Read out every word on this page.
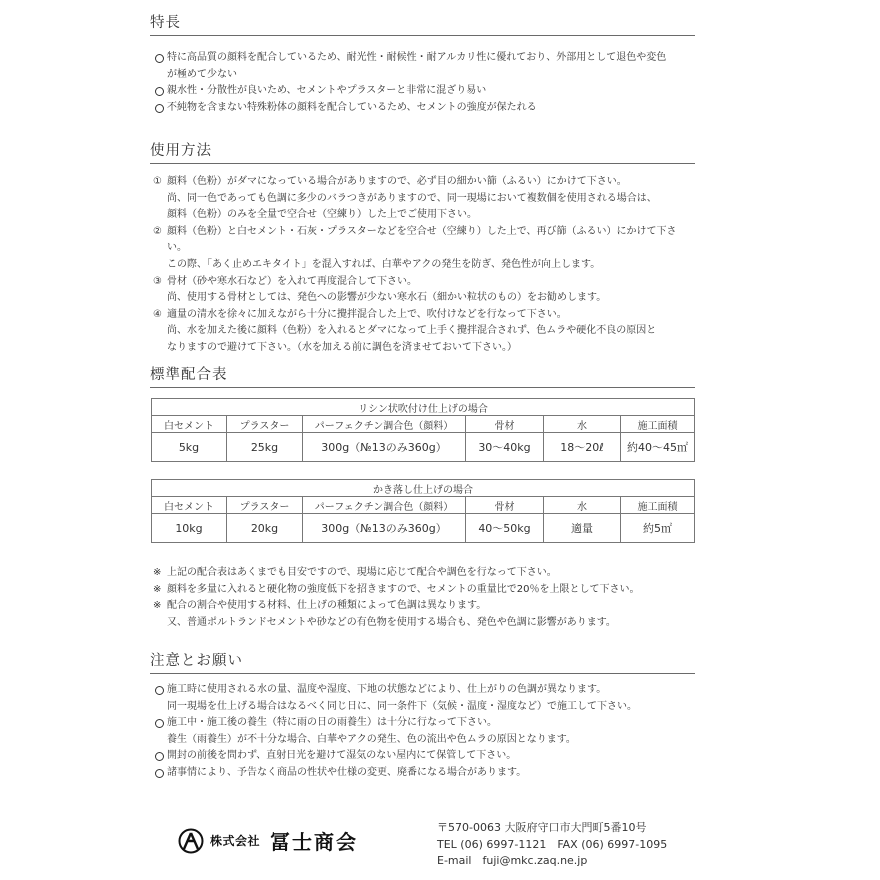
特長
特に高品質の顔料を配合しているため、耐光性・耐候性・耐アルカリ性に優れており、外部用として退色や変色
が極めて少ない
親水性・分散性が良いため、セメントやプラスターと非常に混ざり易い
不純物を含まない特殊粉体の顔料を配合しているため、セメントの強度が保たれる
使用方法
① 顔料（色粉）がダマになっている場合がありますので、必ず目の細かい篩（ふるい）にかけて下さい。
尚、同一色であっても色調に多少のバラつきがありますので、同一現場において複数個を使用される場合は、
顔料（色粉）のみを全量で空合せ（空練り）した上でご使用下さい。
② 顔料（色粉）と白セメント・石灰・プラスターなどを空合せ（空練り）した上で、再び篩（ふるい）にかけて下さい。
この際、「あく止めエキタイト」を混入すれば、白華やアクの発生を防ぎ、発色性が向上します。
③ 骨材（砂や寒水石など）を入れて再度混合して下さい。
尚、使用する骨材としては、発色への影響が少ない寒水石（細かい粒状のもの）をお勧めします。
④ 適量の清水を徐々に加えながら十分に攪拌混合した上で、吹付けなどを行なって下さい。
尚、水を加えた後に顔料（色粉）を入れるとダマになって上手く攪拌混合されず、色ムラや硬化不良の原因と
なりますので避けて下さい。（水を加える前に調色を済ませておいて下さい。）
標準配合表
リシン状吹付け仕上げの場合					
白セメント	プラスター	パーフェクチン調合色（顔料）	骨材	水	施工面積
5kg	25kg	300g（№13のみ360g）	30〜40kg	18〜20ℓ	約40〜45㎡
かき落し仕上げの場合					
白セメント	プラスター	パーフェクチン調合色（顔料）	骨材	水	施工面積
10kg	20kg	300g（№13のみ360g）	40〜50kg	適量	約5㎡
※ 上記の配合表はあくまでも目安ですので、現場に応じて配合や調色を行なって下さい。
※ 顔料を多量に入れると硬化物の強度低下を招きますので、セメントの重量比で20％を上限として下さい。
※ 配合の割合や使用する材料、仕上げの種類によって色調は異なります。
又、普通ポルトランドセメントや砂などの有色物を使用する場合も、発色や色調に影響があります。
注意とお願い
施工時に使用される水の量、温度や湿度、下地の状態などにより、仕上がりの色調が異なります。
同一現場を仕上げる場合はなるべく同じ日に、同一条件下（気候・温度・湿度など）で施工して下さい。
施工中・施工後の養生（特に雨の日の雨養生）は十分に行なって下さい。
養生（雨養生）が不十分な場合、白華やアクの発生、色の流出や色ムラの原因となります。
開封の前後を問わず、直射日光を避けて湿気のない屋内にて保管して下さい。
諸事情により、予告なく商品の性状や仕様の変更、廃番になる場合があります。
株式会社 冨士商会
〒570-0063 大阪府守口市大門町5番10号
TEL (06) 6997-1121　FAX (06) 6997-1095
E-mail　fuji@mkc.zaq.ne.jp
